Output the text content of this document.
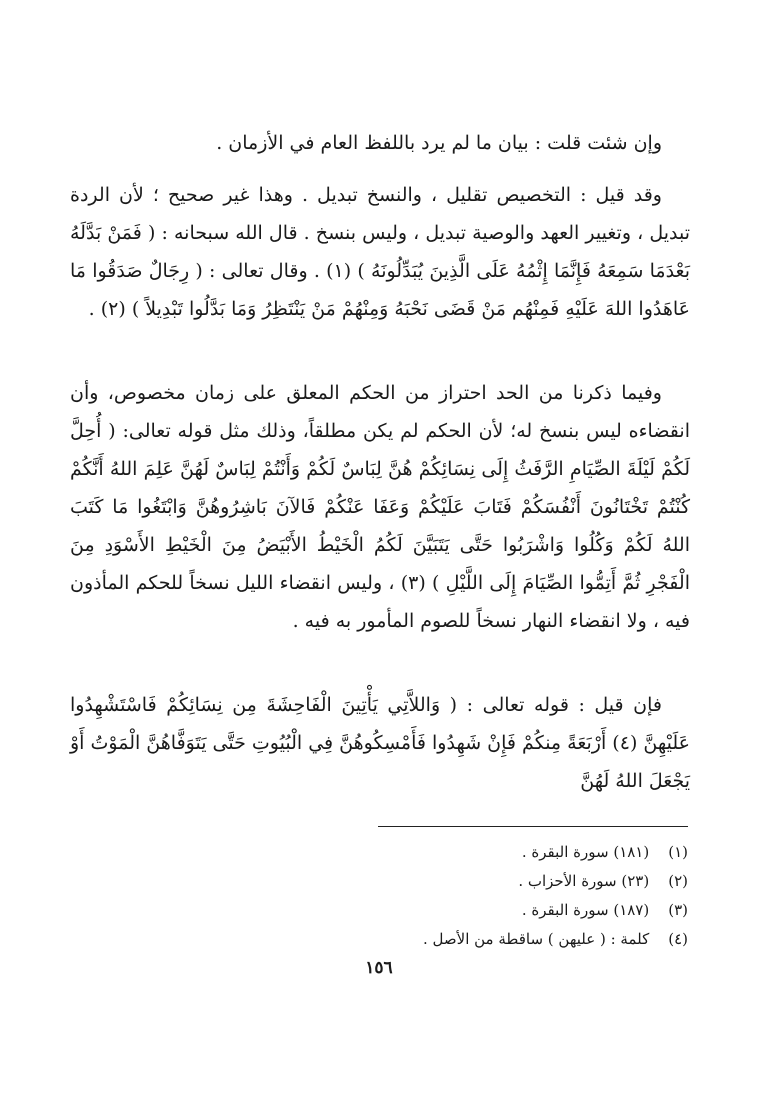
وإن شئت قلت : بيان ما لم يرد باللفظ العام في الأزمان .

وقد قيل : التخصيص تقليل ، والنسخ تبديل . وهذا غير صحيح ؛ لأن الردة تبديل ، وتغيير العهد والوصية تبديل ، وليس بنسخ . قال الله سبحانه : ( فَمَنْ بَدَّلَهُ بَعْدَمَا سَمِعَهُ فَإِنَّمَا إِثْمُهُ عَلَى الَّذِينَ يُبَدِّلُونَهُ ) (١) . وقال تعالى : ( رِجَالٌ صَدَقُوا مَا عَاهَدُوا اللهَ عَلَيْهِ فَمِنْهُم مَنْ قَضَى نَحْبَهُ وَمِنْهُمْ مَنْ يَنْتَظِرُ وَمَا بَدَّلُوا تَبْدِيلاً ) (٢) .

وفيما ذكرنا من الحد احتراز من الحكم المعلق على زمان مخصوص، وأن انقضاءه ليس بنسخ له؛ لأن الحكم لم يكن مطلقاً، وذلك مثل قوله تعالى: ( أُحِلَّ لَكُمْ لَيْلَةَ الصِّيَامِ الرَّفَثُ إِلَى نِسَائِكُمْ هُنَّ لِبَاسٌ لَكُمْ وَأَنْتُمْ لِبَاسٌ لَهُنَّ عَلِمَ اللهُ أَنَّكُمْ كُنْتُمْ تَخْتَانُونَ أَنْفُسَكُمْ فَتَابَ عَلَيْكُمْ وَعَفَا عَنْكُمْ فَالآنَ بَاشِرُوهُنَّ وَابْتَغُوا مَا كَتَبَ اللهُ لَكُمْ وَكُلُوا وَاشْرَبُوا حَتَّى يَتَبَيَّنَ لَكُمُ الْخَيْطُ الأَبْيَضُ مِنَ الْخَيْطِ الأَسْوَدِ مِنَ الْفَجْرِ ثُمَّ أَتِمُّوا الصِّيَامَ إِلَى اللَّيْلِ ) (٣) ، وليس انقضاء الليل نسخاً للحكم المأذون فيه ، ولا انقضاء النهار نسخاً للصوم المأمور به فيه .

فإن قيل : قوله تعالى : ( وَاللاَّتِي يَأْتِينَ الْفَاحِشَةَ مِن نِسَائِكُمْ فَاسْتَشْهِدُوا عَلَيْهِنَّ (٤) أَرْبَعَةً مِنكُمْ فَإِنْ شَهِدُوا فَأَمْسِكُوهُنَّ فِي الْبُيُوتِ حَتَّى يَتَوَفَّاهُنَّ الْمَوْتُ أَوْ يَجْعَلَ اللهُ لَهُنَّ

(١) (١٨١) سورة البقرة .
(٢) (٢٣) سورة الأحزاب .
(٣) (١٨٧) سورة البقرة .
(٤) كلمة : ( عليهن ) ساقطة من الأصل .
١٥٦
